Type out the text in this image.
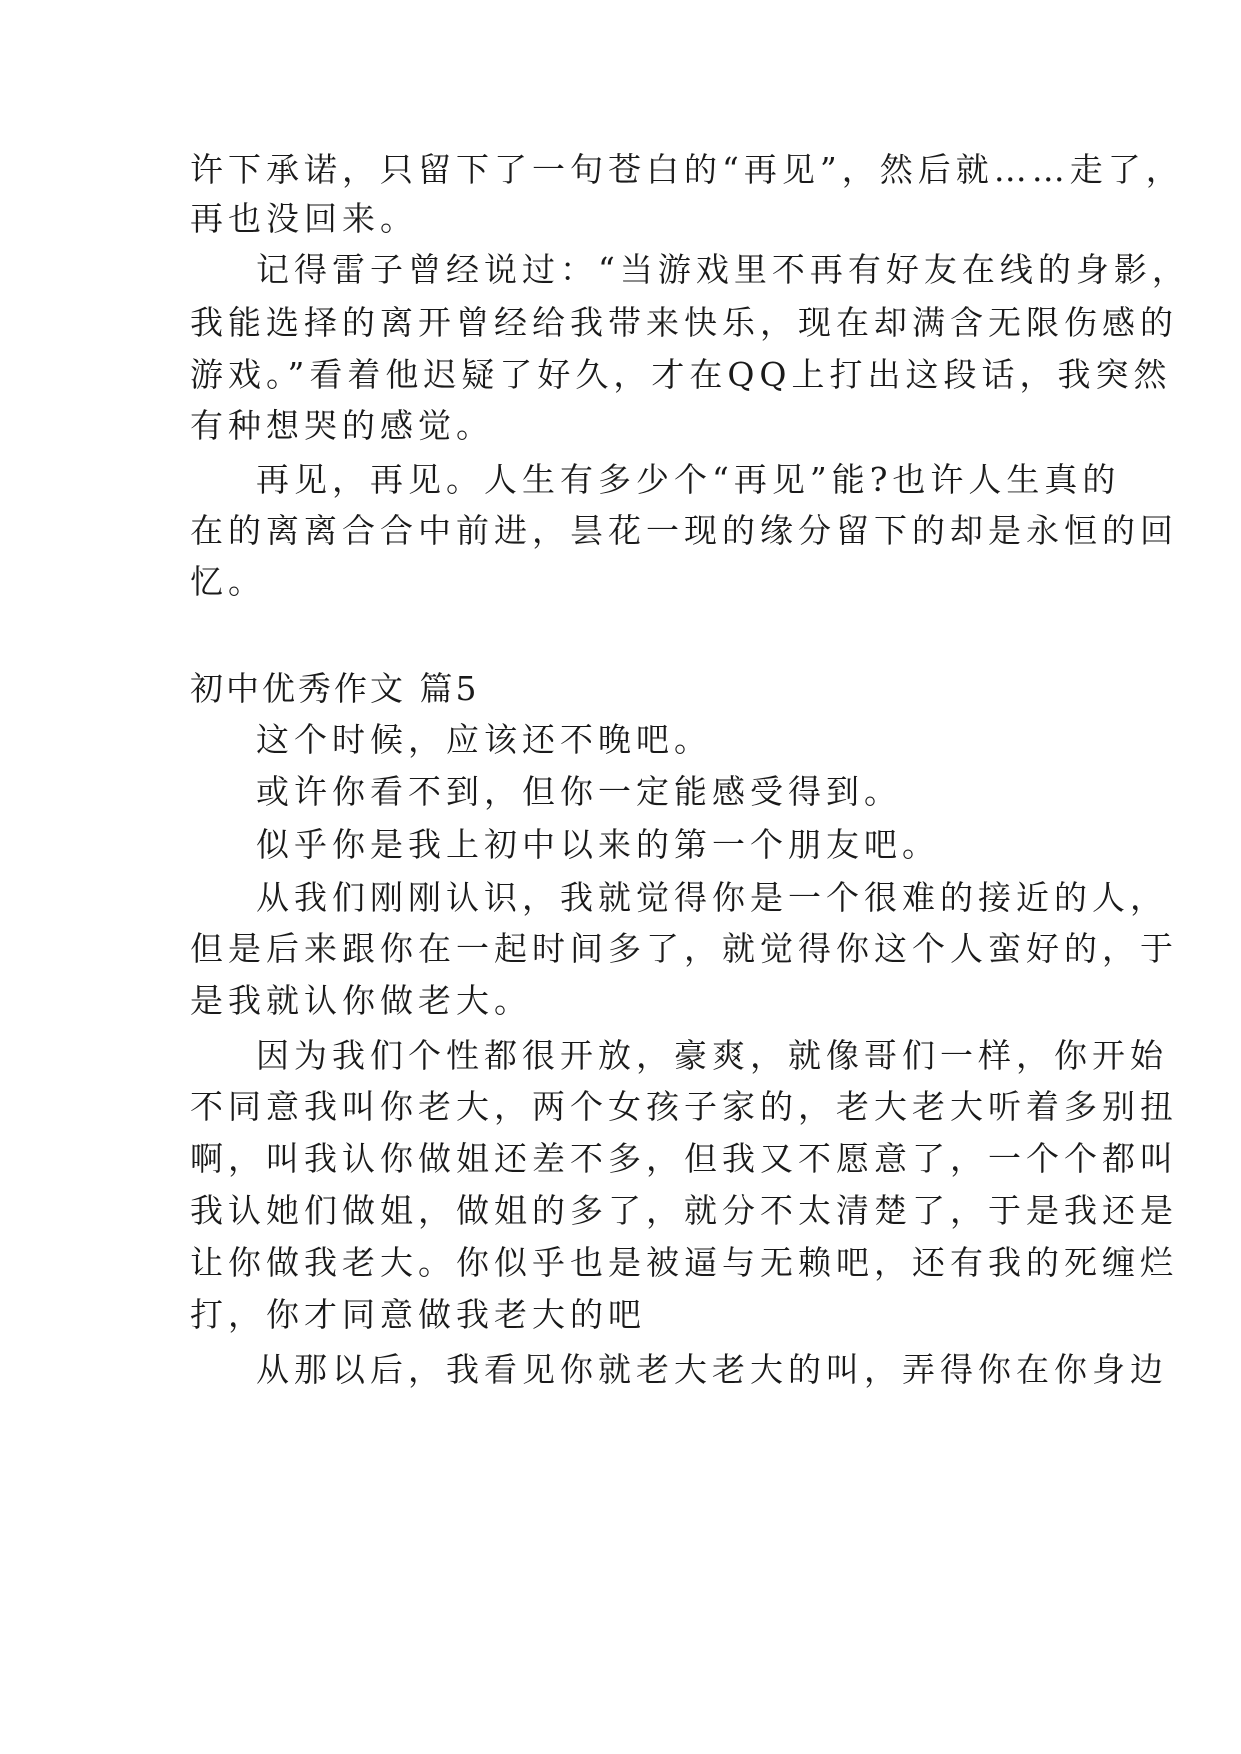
许下承诺，只留下了一句苍白的“再见”，然后就……走了，
再也没回来。
记得雷子曾经说过：“当游戏里不再有好友在线的身影，
我能选择的离开曾经给我带来快乐，现在却满含无限伤感的
游戏。”看着他迟疑了好久，才在QQ上打出这段话，我突然
有种想哭的感觉。
再见，再见。人生有多少个“再见”能?也许人生真的
在的离离合合中前进，昙花一现的缘分留下的却是永恒的回
忆。
初中优秀作文 篇5
这个时候，应该还不晚吧。
或许你看不到，但你一定能感受得到。
似乎你是我上初中以来的第一个朋友吧。
从我们刚刚认识，我就觉得你是一个很难的接近的人，
但是后来跟你在一起时间多了，就觉得你这个人蛮好的，于
是我就认你做老大。
因为我们个性都很开放，豪爽，就像哥们一样，你开始
不同意我叫你老大，两个女孩子家的，老大老大听着多别扭
啊，叫我认你做姐还差不多，但我又不愿意了，一个个都叫
我认她们做姐，做姐的多了，就分不太清楚了，于是我还是
让你做我老大。你似乎也是被逼与无赖吧，还有我的死缠烂
打，你才同意做我老大的吧
从那以后，我看见你就老大老大的叫，弄得你在你身边
